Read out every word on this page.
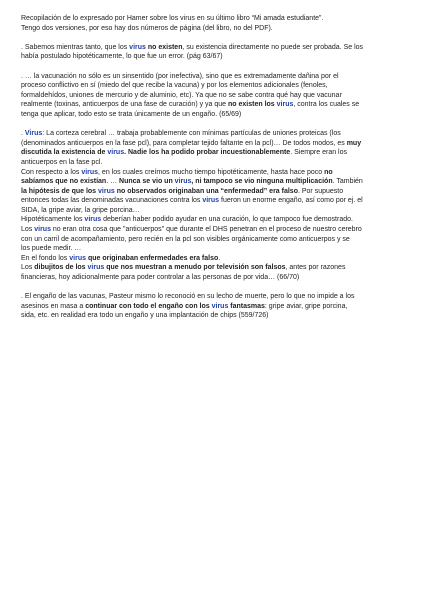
Recopilación de lo expresado por Hamer sobre los virus en su último libro “Mi amada estudiante”.
Tengo dos versiones, por eso hay dos números de página (del libro, no del PDF).
. Sabemos mientras tanto, que los virus no existen, su existencia directamente no puede ser probada. Se los
había postulado hipotéticamente, lo que fue un error. (pág 63/67)
. … la vacunación no sólo es un sinsentido (por inefectiva), sino que es extremadamente dañina por el
proceso conflictivo en sí (miedo del que recibe la vacuna) y por los elementos adicionales (fenoles,
formaldehídos, uniones de mercurio y de aluminio, etc). Ya que no se sabe contra qué hay que vacunar
realmente (toxinas, anticuerpos de una fase de curación) y ya que no existen los virus, contra los cuales se
tenga que aplicar, todo esto se trata únicamente de un engaño. (65/69)
. Virus: La corteza cerebral … trabaja probablemente con mínimas partículas de uniones proteicas (los
(denominados anticuerpos en la fase pcl), para completar tejido faltante en la pcl)… De todos modos, es muy
discutida la existencia de virus. Nadie los ha podido probar incuestionablemente. Siempre eran los
anticuerpos en la fase pcl.
Con respecto a los virus, en los cuales creímos mucho tiempo hipotéticamente, hasta hace poco no
sabíamos que no existían. … Nunca se vio un virus, ni tampoco se vio ninguna multiplicación. También
la hipótesis de que los virus no observados originaban una “enfermedad” era falso. Por supuesto
entonces todas las denominadas vacunaciones contra los virus fueron un enorme engaño, así como por ej. el
SIDA, la gripe aviar, la gripe porcina…
Hipotéticamente los virus deberían haber podido ayudar en una curación, lo que tampoco fue demostrado.
Los virus no eran otra cosa que "anticuerpos" que durante el DHS penetran en el proceso de nuestro cerebro
con un carril de acompañamiento, pero recién en la pcl son visibles orgánicamente como anticuerpos y se
los puede medir. …
En el fondo los virus que originaban enfermedades era falso.
Los dibujitos de los virus que nos muestran a menudo por televisión son falsos, antes por razones
financieras, hoy adicionalmente para poder controlar a las personas de por vida… (66/70)
. El engaño de las vacunas, Pasteur mismo lo reconoció en su lecho de muerte, pero lo que no impide a los
asesinos en masa a continuar con todo el engaño con los virus fantasmas: gripe aviar, gripe porcina,
sida, etc. en realidad era todo un engaño y una implantación de chips (559/726)
